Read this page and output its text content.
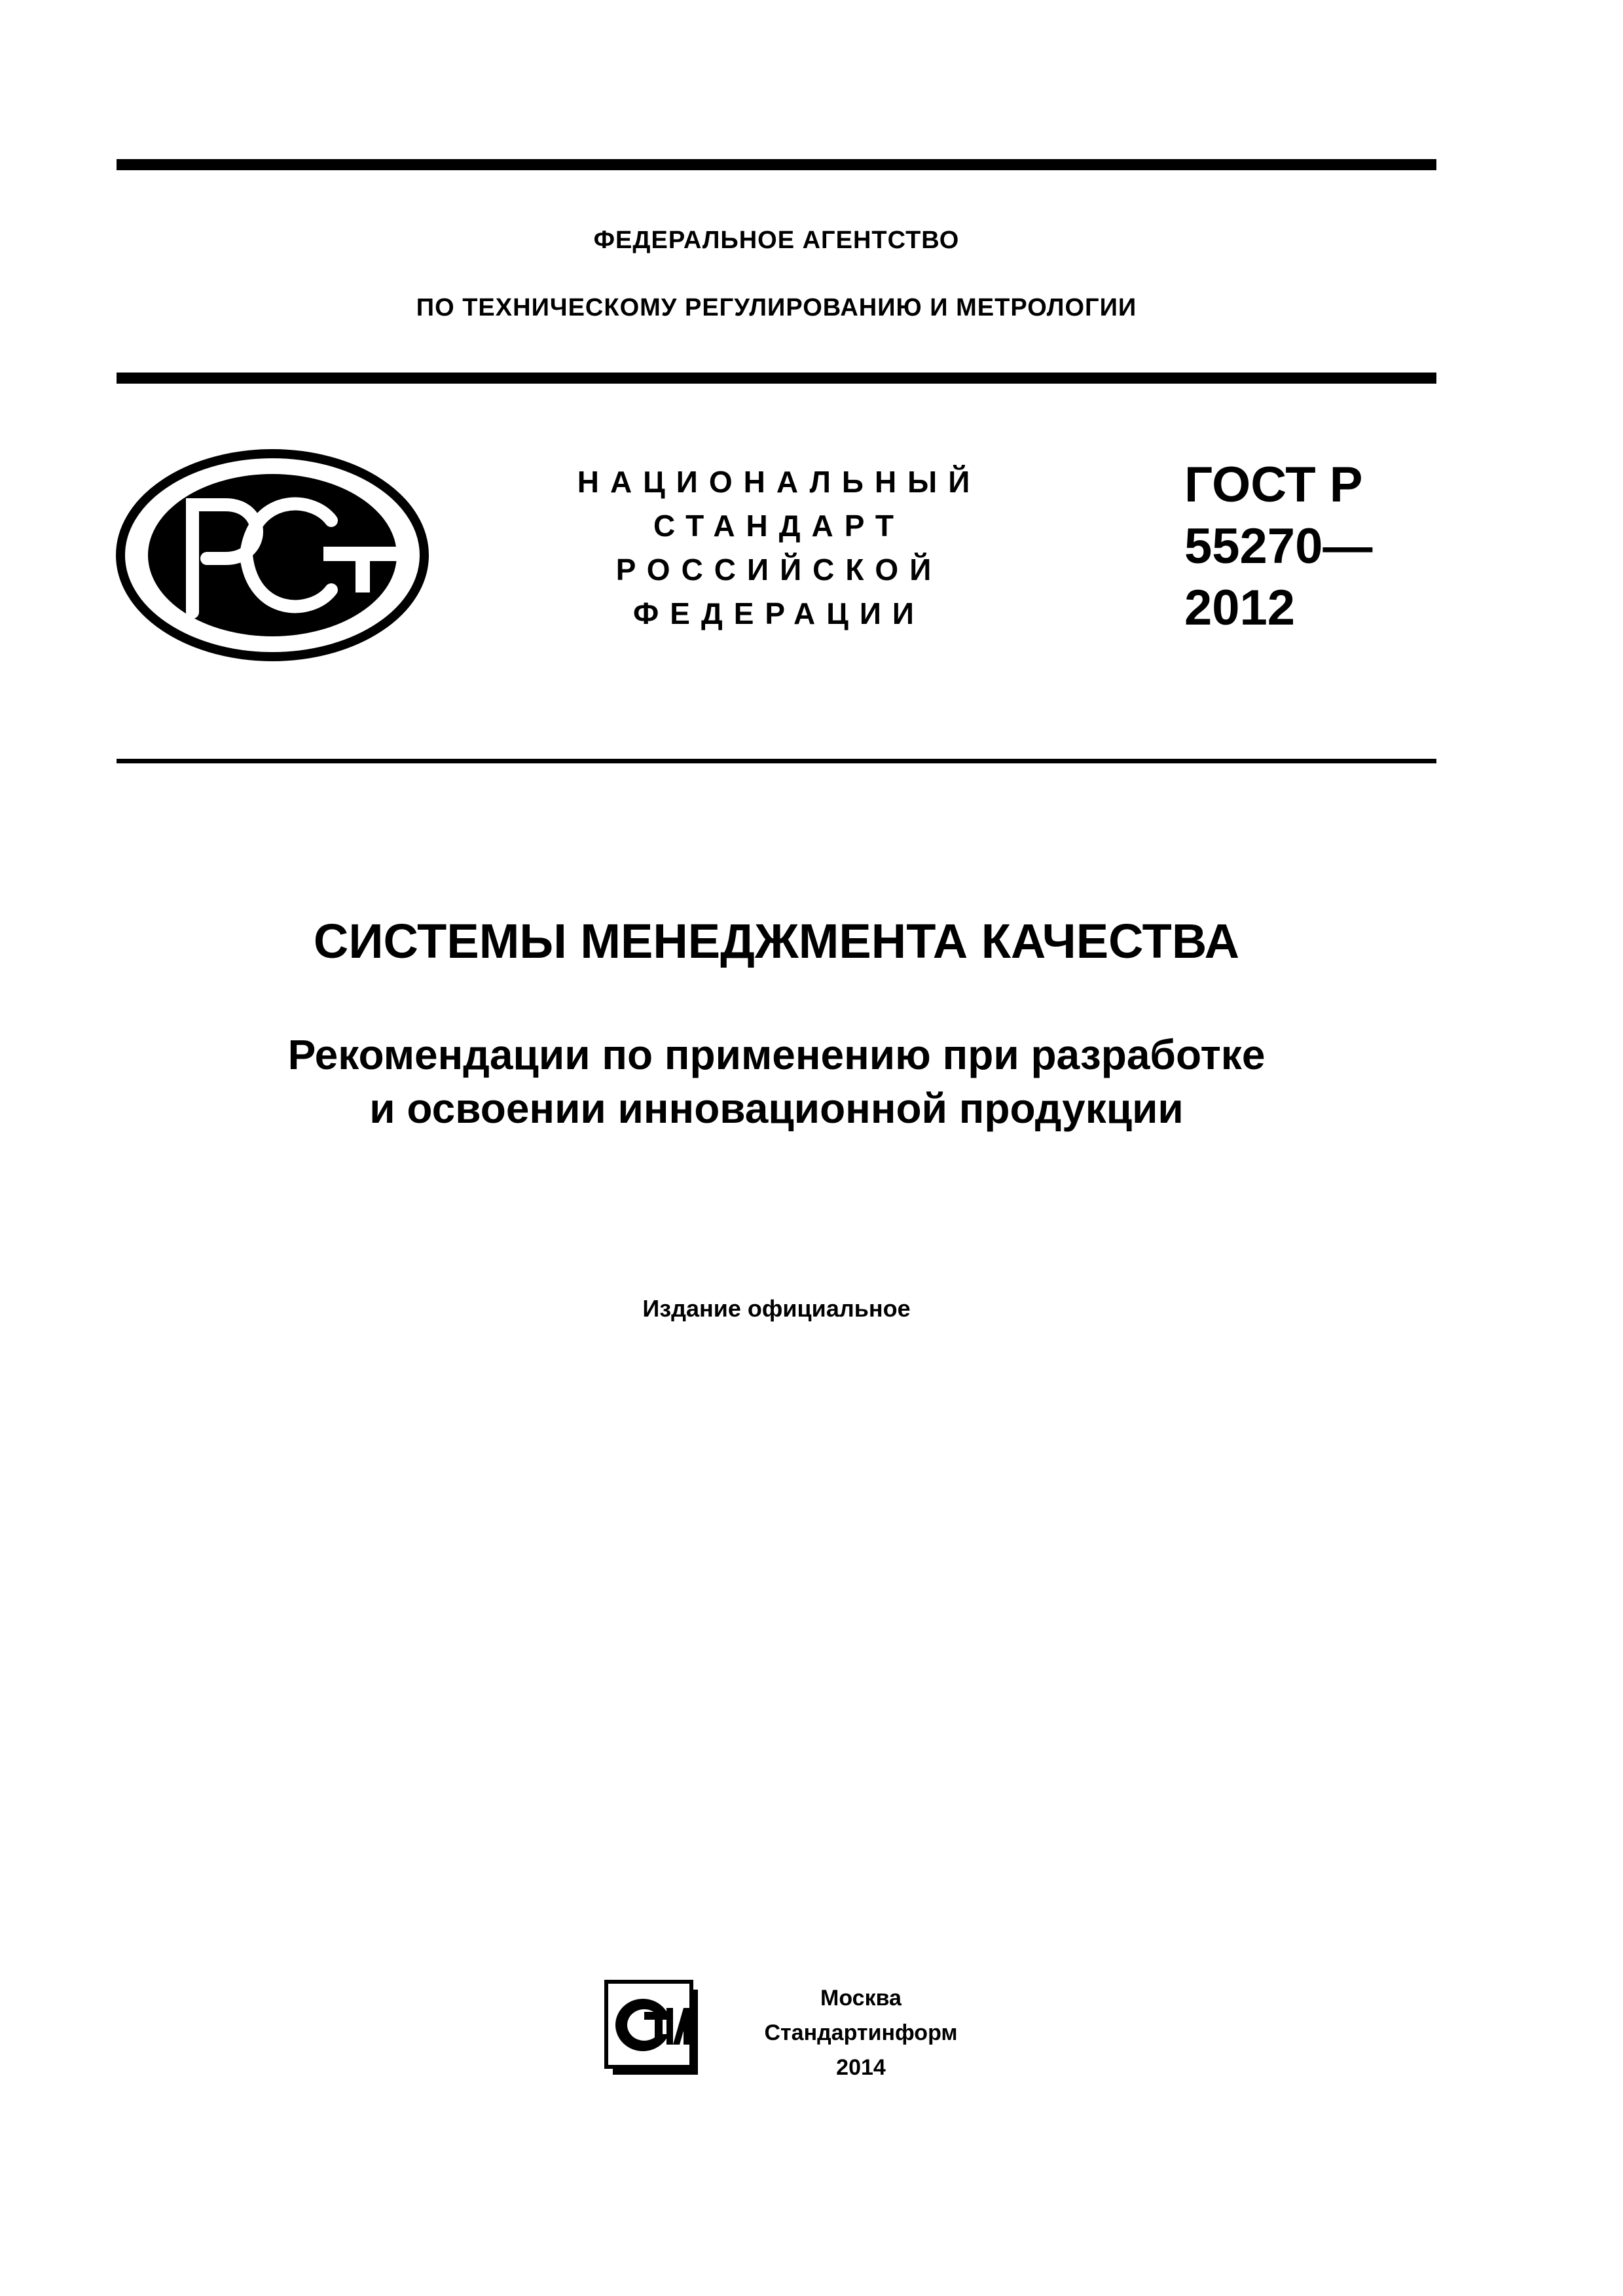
ФЕДЕРАЛЬНОЕ АГЕНТСТВО
ПО ТЕХНИЧЕСКОМУ РЕГУЛИРОВАНИЮ И МЕТРОЛОГИИ
НАЦИОНАЛЬНЫЙ
СТАНДАРТ
РОССИЙСКОЙ
ФЕДЕРАЦИИ
ГОСТ Р
55270—
2012
СИСТЕМЫ МЕНЕДЖМЕНТА КАЧЕСТВА
Рекомендации по применению при разработке
и освоении инновационной продукции
Издание официальное
Москва
Стандартинформ
2014
